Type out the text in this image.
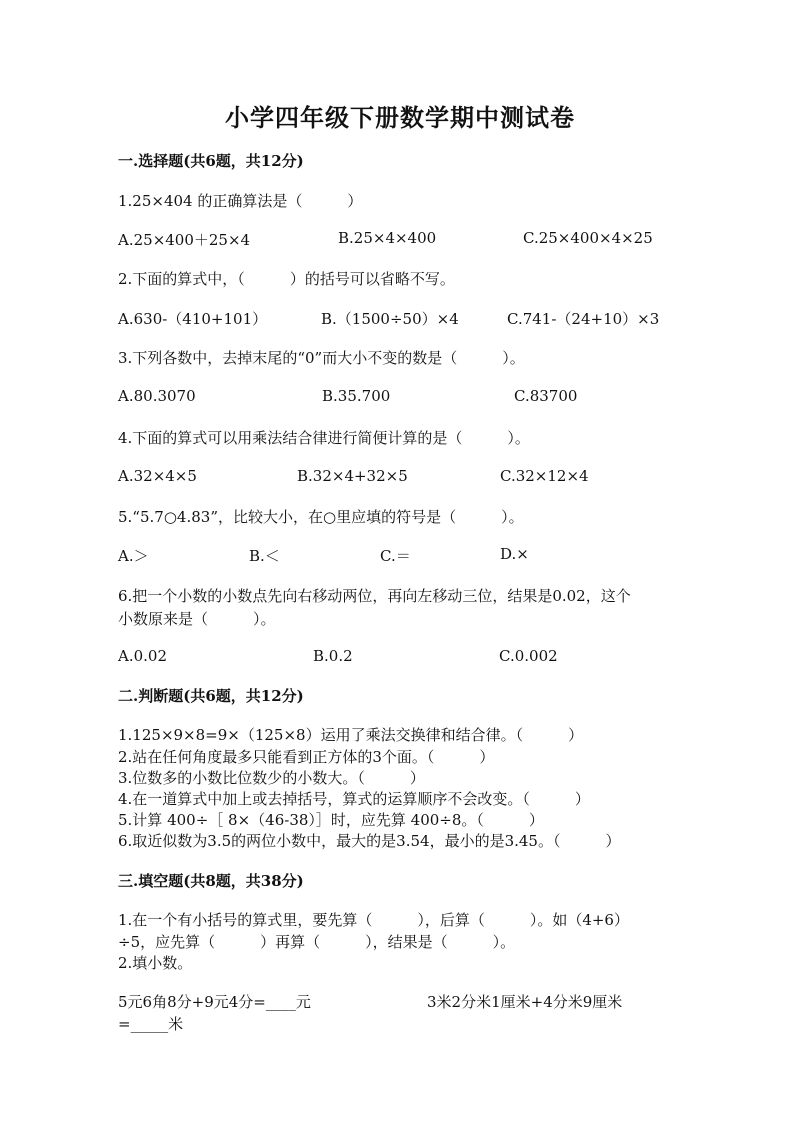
小学四年级下册数学期中测试卷
一.选择题(共6题，共12分)
1.25×404 的正确算法是（　　　）
A.25×400＋25×4	B.25×4×400	C.25×400×4×25
2.下面的算式中，（　　　）的括号可以省略不写。
A.630-（410+101）	B.（1500÷50）×4	C.741-（24+10）×3
3.下列各数中，去掉末尾的“0”而大小不变的数是（　　　）。
A.80.3070	B.35.700	C.83700
4.下面的算式可以用乘法结合律进行简便计算的是（　　　）。
A.32×4×5	B.32×4+32×5	C.32×12×4
5.“5.7○4.83”，比较大小，在○里应填的符号是（　　　）。
A.＞	B.＜	C.＝	D.×
6.把一个小数的小数点先向右移动两位，再向左移动三位，结果是0.02，这个
小数原来是（　　　）。
A.0.02	B.0.2	C.0.002
二.判断题(共6题，共12分)
1.125×9×8=9×（125×8）运用了乘法交换律和结合律。（　　　）
2.站在任何角度最多只能看到正方体的3个面。（　　　）
3.位数多的小数比位数少的小数大。（　　　）
4.在一道算式中加上或去掉括号，算式的运算顺序不会改变。（　　　）
5.计算 400÷［ 8×（46-38）］时，应先算 400÷8。（　　　）
6.取近似数为3.5的两位小数中，最大的是3.54，最小的是3.45。（　　　）
三.填空题(共8题，共38分)
1.在一个有小括号的算式里，要先算（　　　），后算（　　　）。如（4+6）
÷5，应先算（　　　）再算（　　　），结果是（　　　）。
2.填小数。
5元6角8分+9元4分=____元	3米2分米1厘米+4分米9厘米
=_____米
